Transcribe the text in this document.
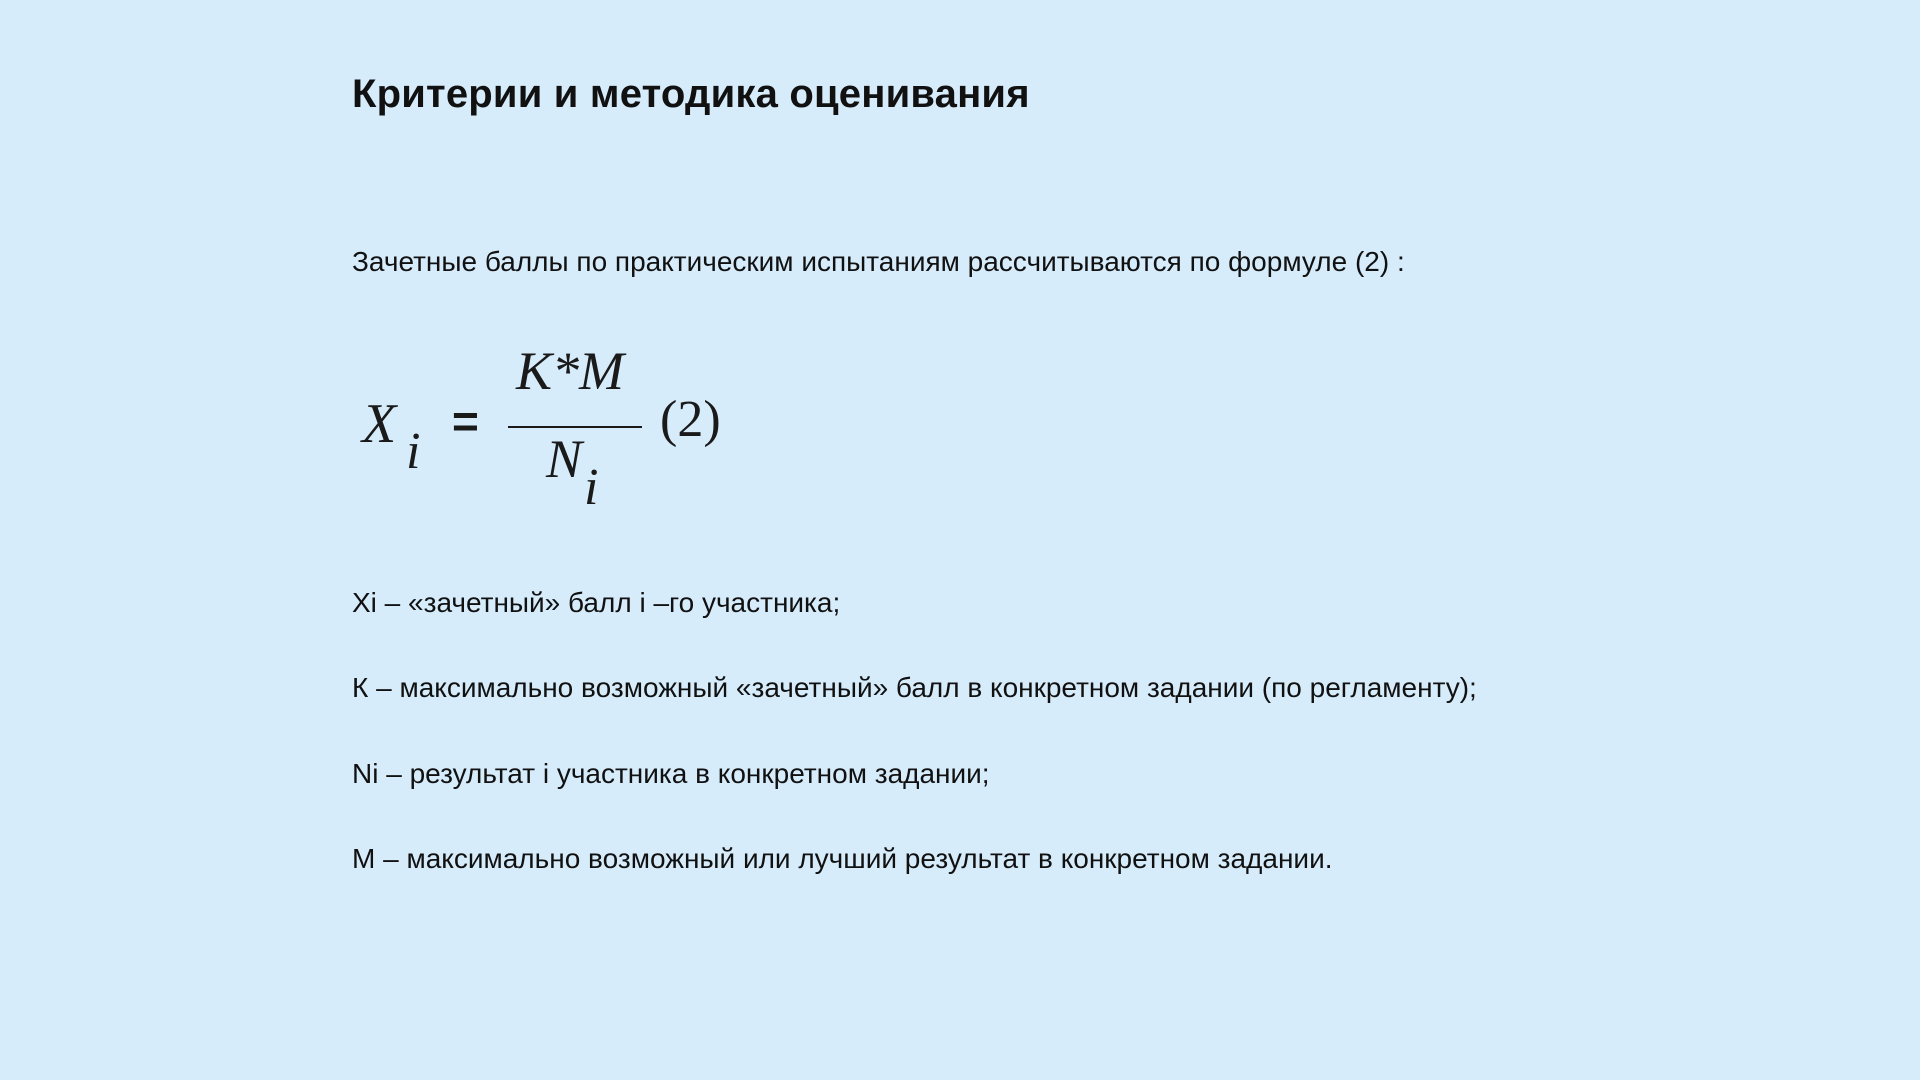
Критерии и методика оценивания
Зачетные баллы по практическим испытаниям рассчитываются по формуле (2) :
X i
=
K*M
N i
(2)
Xi – «зачетный» балл i –го участника;
К – максимально возможный «зачетный» балл в конкретном задании (по регламенту);
Ni – результат i участника в конкретном задании;
М – максимально возможный или лучший результат в конкретном задании.
